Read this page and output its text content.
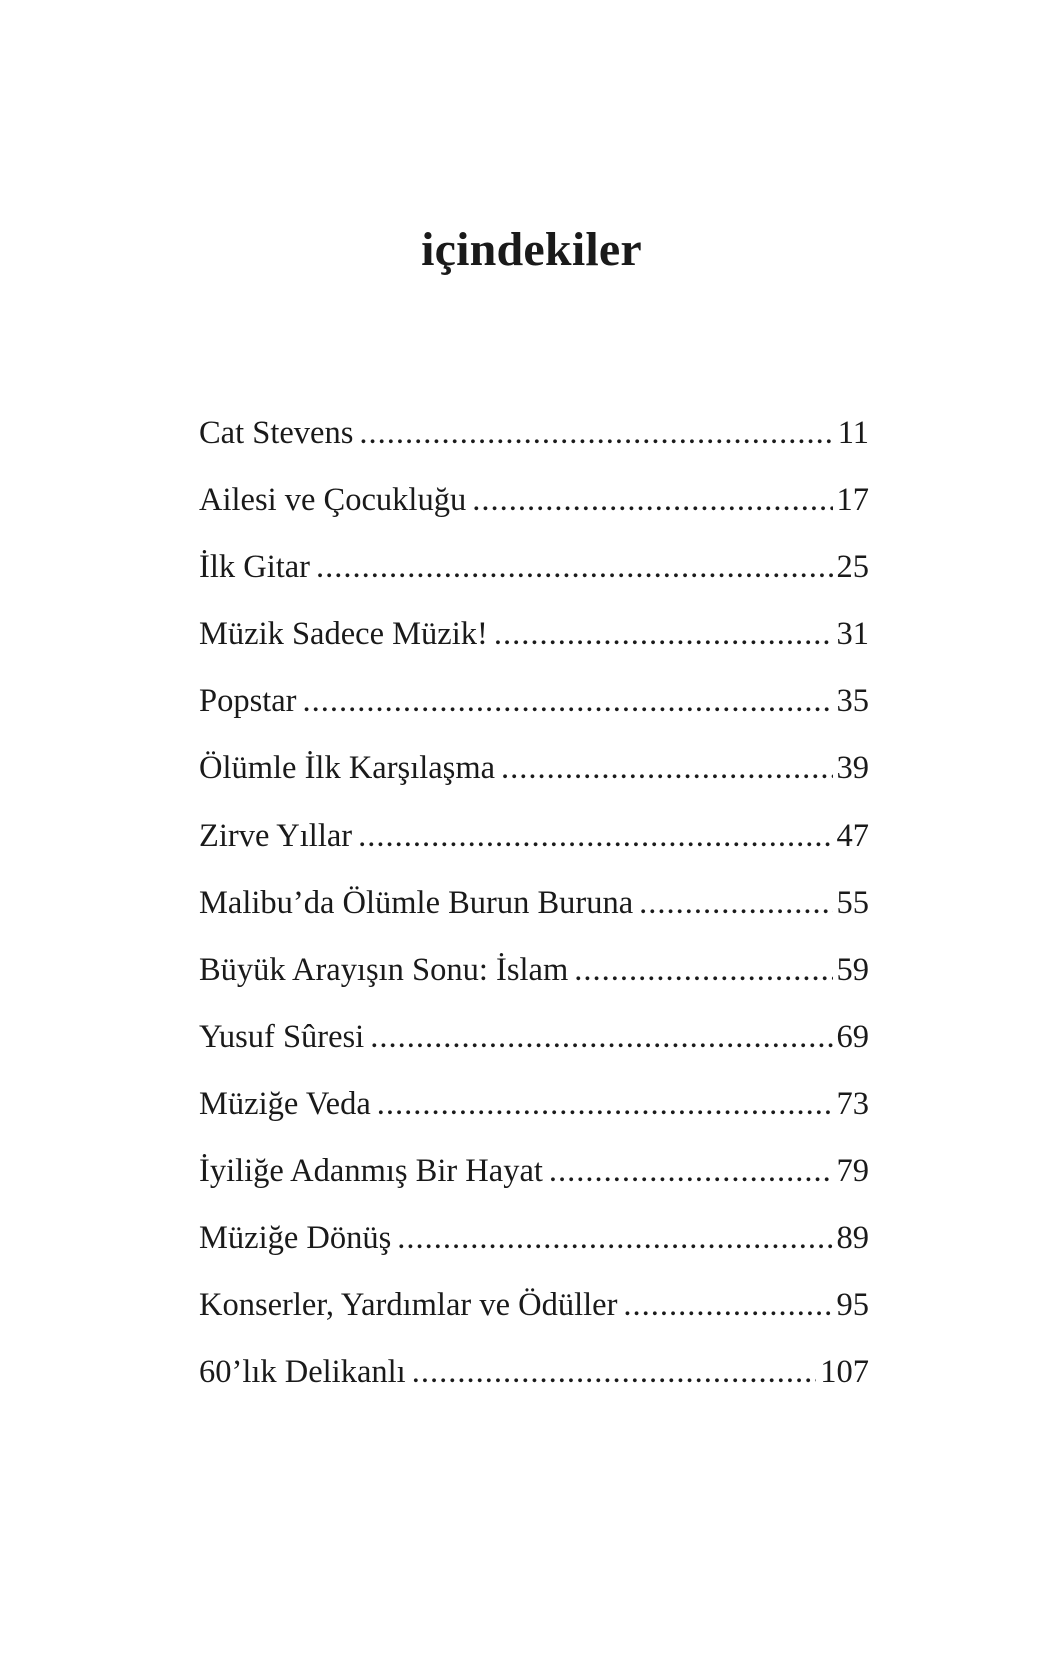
içindekiler
Cat Stevens .....	11
Ailesi ve Çocukluğu .....	17
İlk Gitar .....	25
Müzik Sadece Müzik! .....	31
Popstar .....	35
Ölümle İlk Karşılaşma .....	39
Zirve Yıllar .....	47
Malibu’da Ölümle Burun Buruna .....	55
Büyük Arayışın Sonu: İslam .....	59
Yusuf Sûresi .....	69
Müziğe Veda .....	73
İyiliğe Adanmış Bir Hayat .....	79
Müziğe Dönüş .....	89
Konserler, Yardımlar ve Ödüller .....	95
60’lık Delikanlı .....	107
